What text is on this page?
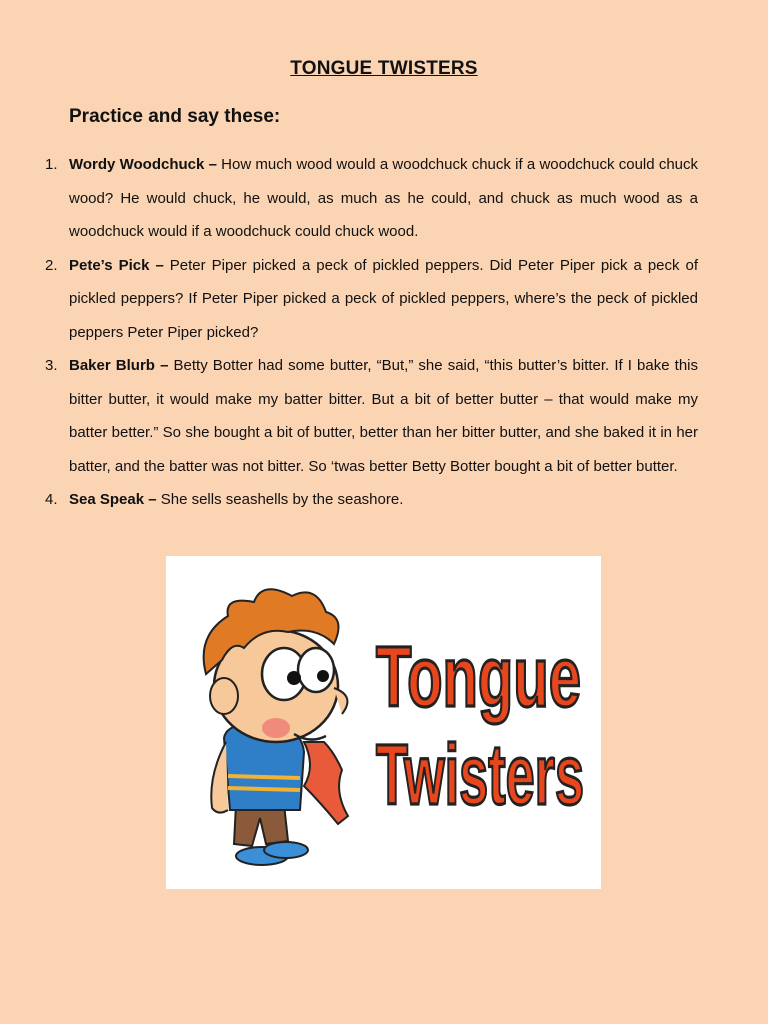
TONGUE TWISTERS
Practice and say these:
1. Wordy Woodchuck – How much wood would a woodchuck chuck if a woodchuck could chuck wood? He would chuck, he would, as much as he could, and chuck as much wood as a woodchuck would if a woodchuck could chuck wood.
2. Pete’s Pick – Peter Piper picked a peck of pickled peppers. Did Peter Piper pick a peck of pickled peppers? If Peter Piper picked a peck of pickled peppers, where’s the peck of pickled peppers Peter Piper picked?
3. Baker Blurb – Betty Botter had some butter, “But,” she said, “this butter’s bitter. If I bake this bitter butter, it would make my batter bitter. But a bit of better butter – that would make my batter better.” So she bought a bit of butter, better than her bitter butter, and she baked it in her batter, and the batter was not bitter. So ‘twas better Betty Botter bought a bit of better butter.
4. Sea Speak – She sells seashells by the seashore.
Tongue
Twisters
